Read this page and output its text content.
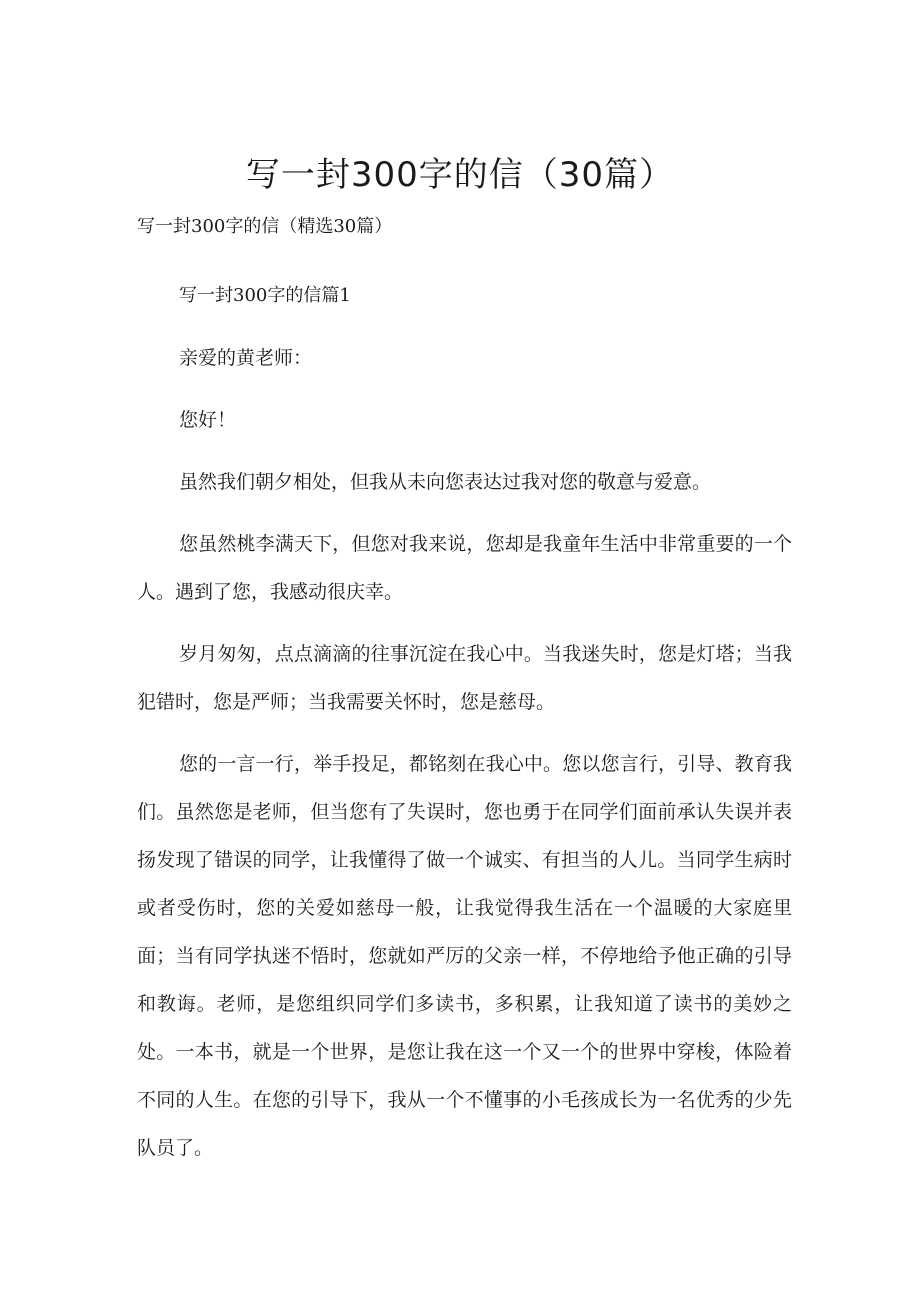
写一封300字的信（30篇）

写一封300字的信（精选30篇）

写一封300字的信篇1

亲爱的黄老师：

您好！

虽然我们朝夕相处，但我从未向您表达过我对您的敬意与爱意。

您虽然桃李满天下，但您对我来说，您却是我童年生活中非常重要的一个人。遇到了您，我感动很庆幸。

岁月匆匆，点点滴滴的往事沉淀在我心中。当我迷失时，您是灯塔；当我犯错时，您是严师；当我需要关怀时，您是慈母。

您的一言一行，举手投足，都铭刻在我心中。您以您言行，引导、教育我们。虽然您是老师，但当您有了失误时，您也勇于在同学们面前承认失误并表扬发现了错误的同学，让我懂得了做一个诚实、有担当的人儿。当同学生病时或者受伤时，您的关爱如慈母一般，让我觉得我生活在一个温暖的大家庭里面；当有同学执迷不悟时，您就如严厉的父亲一样，不停地给予他正确的引导和教诲。老师，是您组织同学们多读书，多积累，让我知道了读书的美妙之处。一本书，就是一个世界，是您让我在这一个又一个的世界中穿梭，体险着不同的人生。在您的引导下，我从一个不懂事的小毛孩成长为一名优秀的少先队员了。
